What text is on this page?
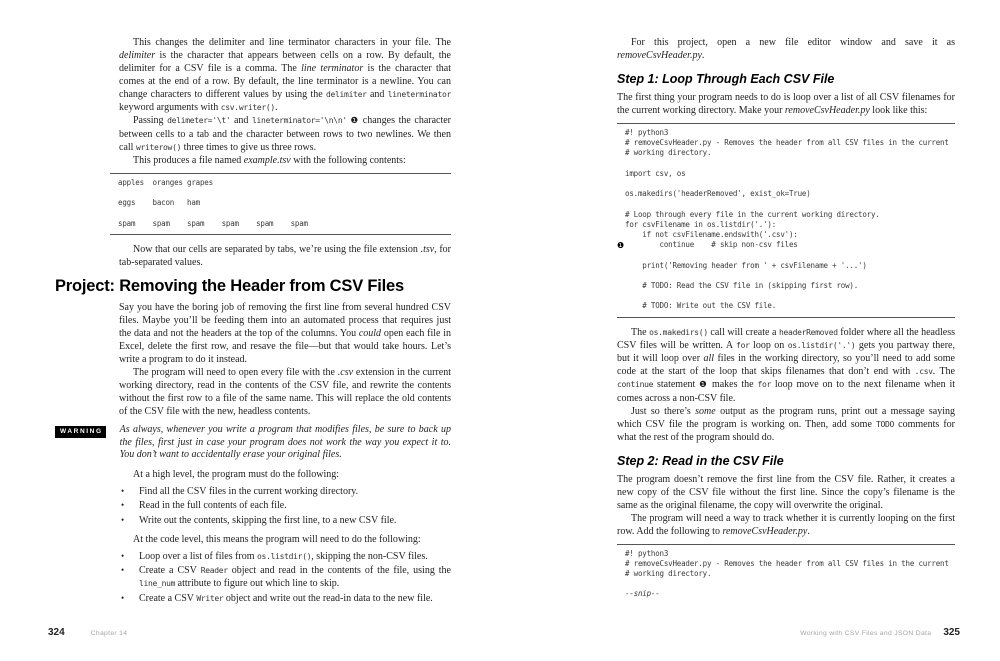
This changes the delimiter and line terminator characters in your file. The delimiter is the character that appears between cells on a row. By default, the delimiter for a CSV file is a comma. The line terminator is the character that comes at the end of a row. By default, the line terminator is a newline. You can change characters to different values by using the delimiter and lineterminator keyword arguments with csv.writer().

Passing delimeter='\t' and lineterminator='\n\n' ❶ changes the character between cells to a tab and the character between rows to two newlines. We then call writerow() three times to give us three rows.

This produces a file named example.tsv with the following contents:

apples  oranges grapes

eggs    bacon   ham

spam    spam    spam    spam    spam    spam

Now that our cells are separated by tabs, we’re using the file extension .tsv, for tab-separated values.

Project: Removing the Header from CSV Files

Say you have the boring job of removing the first line from several hundred CSV files. Maybe you’ll be feeding them into an automated process that requires just the data and not the headers at the top of the columns. You could open each file in Excel, delete the first row, and resave the file—but that would take hours. Let’s write a program to do it instead.

The program will need to open every file with the .csv extension in the current working directory, read in the contents of the CSV file, and rewrite the contents without the first row to a file of the same name. This will replace the old contents of the CSV file with the new, headless contents.

WARNING	As always, whenever you write a program that modifies files, be sure to back up the files, first just in case your program does not work the way you expect it to. You don’t want to accidentally erase your original files.

At a high level, the program must do the following:

•	Find all the CSV files in the current working directory.
•	Read in the full contents of each file.
•	Write out the contents, skipping the first line, to a new CSV file.

At the code level, this means the program will need to do the following:

•	Loop over a list of files from os.listdir(), skipping the non-CSV files.
•	Create a CSV Reader object and read in the contents of the file, using the line_num attribute to figure out which line to skip.
•	Create a CSV Writer object and write out the read-in data to the new file.

For this project, open a new file editor window and save it as removeCsvHeader.py.

Step 1: Loop Through Each CSV File

The first thing your program needs to do is loop over a list of all CSV filenames for the current working directory. Make your removeCsvHeader.py look like this:

#! python3
# removeCsvHeader.py - Removes the header from all CSV files in the current
# working directory.

import csv, os

os.makedirs('headerRemoved', exist_ok=True)

# Loop through every file in the current working directory.
for csvFilename in os.listdir('.'):
if not csvFilename.endswith('.csv'):
❶ continue    # skip non-csv files

print('Removing header from ' + csvFilename + '...')

# TODO: Read the CSV file in (skipping first row).

# TODO: Write out the CSV file.

The os.makedirs() call will create a headerRemoved folder where all the headless CSV files will be written. A for loop on os.listdir('.') gets you partway there, but it will loop over all files in the working directory, so you’ll need to add some code at the start of the loop that skips filenames that don’t end with .csv. The continue statement ❶ makes the for loop move on to the next filename when it comes across a non-CSV file.

Just so there’s some output as the program runs, print out a message saying which CSV file the program is working on. Then, add some TODO comments for what the rest of the program should do.

Step 2: Read in the CSV File

The program doesn’t remove the first line from the CSV file. Rather, it creates a new copy of the CSV file without the first line. Since the copy’s filename is the same as the original filename, the copy will overwrite the original.

The program will need a way to track whether it is currently looping on the first row. Add the following to removeCsvHeader.py.

#! python3
# removeCsvHeader.py - Removes the header from all CSV files in the current
# working directory.

--snip--
324	Chapter 14	Working with CSV Files and JSON Data 325
